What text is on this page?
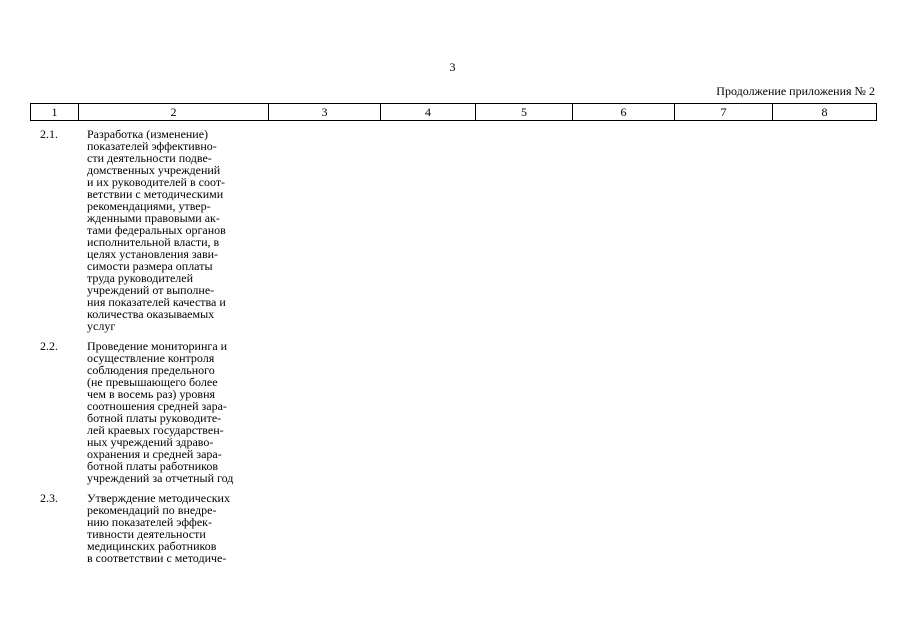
3
Продолжение приложения № 2
1	2	3	4	5	6	7	8
2.1.	Разработка (изменение)
показателей эффективно-
сти деятельности подве-
домственных учреждений
и их руководителей в соот-
ветствии с методическими
рекомендациями, утвер-
жденными правовыми ак-
тами федеральных органов
исполнительной власти, в
целях установления зави-
симости размера оплаты
труда руководителей
учреждений от выполне-
ния показателей качества и
количества оказываемых
услуг
2.2.	Проведение мониторинга и
осуществление контроля
соблюдения предельного
(не превышающего более
чем в восемь раз) уровня
соотношения средней зара-
ботной платы руководите-
лей краевых государствен-
ных учреждений здраво-
охранения и средней зара-
ботной платы работников
учреждений за отчетный год
2.3.	Утверждение методических
рекомендаций по внедре-
нию показателей эффек-
тивности деятельности
медицинских работников
в соответствии с методиче-
